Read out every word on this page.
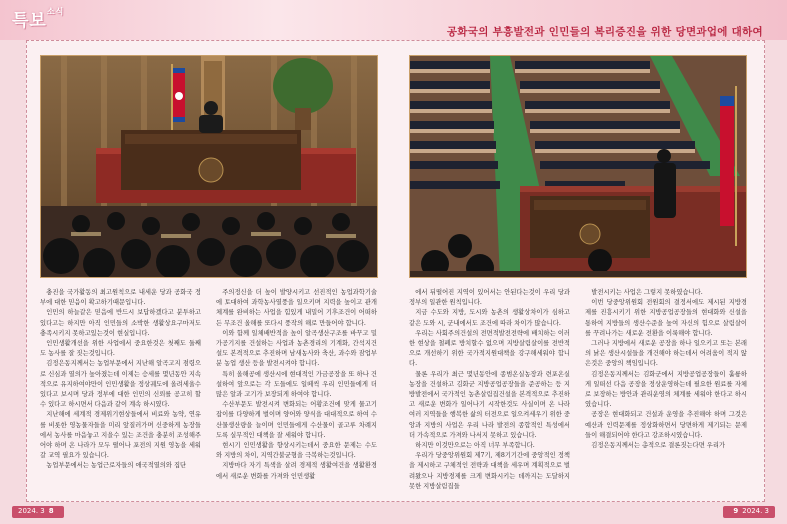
특보$^{소식}$
공화국의 부흥발전과 인민들의 복리증진을 위한 당면과업에 대하여

충진을 국가활동의 최고원칙으로 내세운 당과 공화국 정부에 대한 믿음이 확고하기때문입니다.

인민의 하늘같은 믿음에 반드시 보답하겠다고 분투하고있다고는 하지만 아직 인민들의 소박한 생활상요구마저도 충족시키지 못하고있는것이 현실입니다.

인민생활개선을 위한 사업에서 중요한것은 첫째도 둘째도 농사를 잘 짓는것입니다.

김정은동지께서는 농업부문에서 지난해 알곡고지 점령으로 신심과 열의가 높아졌는데 이제는 승세를 몇년동안 지속적으로 유지하여야만이 인민생활을 정상궤도에 올려세울수 있다고 보시며 당과 정부에 대한 인민의 신뢰를 공고히 할수 있다고 하시면서 다음과 같이 계속 하시였다.

지난해에 세계적 경제위기현상들에서 비료와 농약, 연유를 비롯한 영농물자들을 미리 앞질러가며 신중하게 농장들에서 농사를 마음놓고 지을수 있는 조건을 충분히 조성해주어야 하며 온 나라가 모두 떨어나 포전의 지원 영농을 세워 갈 교역 필요가 있습니다.

농업부문에서는 농업근로자들의 애국적열의와 집단

주의정신을 더 높이 발양시키고 선진적인 농업과학기술에 토대하여 과학농사열풍을 일으키며 지력을 높이고 관개체계를 완비하는 사업을 힘있게 내밀어 기후조건이 어떠하든 무조건 올해를 또다시 풍작의 해로 만들어야 합니다.

이와 함께 일체배반적을 높이 알곡생산구조를 바꾸고 밀가공기지를 건설하는 사업과 농촌경리의 기계화, 간석지건설도 본격적으로 추진하며 남새농사와 축산, 과수와 잠업부분 농업 생산 등을 발전시켜야 합니다.

특히 올해공에 생산시에 현대적인 가금공장을 또 하나 건설하여 앞으로는 각 도들에도 일떼씩 우리 인민들에게 더 많은 알과 고기가 보장되게 하여야 합니다.

수산부문도 발전시켜 변화되는 어황조건에 맞게 물고기잡이를 다양하게 벌이며 양어와 양식을 대대적으로 하여 수산물생산량을 늘이며 인민들에게 수산물이 골고루 차례지도록 실무적인 대책을 잘 세워야 합니다.

현시기 인민생활을 향상시키는데서 중요한 문제는 수도와 지방의 차이, 지역간불균형을 극복하는것입니다.

지방마다 자기 특색을 살려 경제적 생활여건을 생활환경에서 새로운 변화를 가져와 인민생활

에서 뒤떨어진 지역이 있어서는 안된다는것이 우리 당과 정부의 일관한 원칙입니다.

지금 수도와 지방, 도시와 농촌의 생활상차이가 심하고 같은 도와 시, 군내에서도 조건에 따라 차이가 많습니다.

우리는 사회주의건설의 전면적발전전략에 배치하는 이러한 현상을 철폐로 방치할수 없으며 지방살림살이를 전반적으로 개선하기 위한 국가적지원대책을 강구해세워야 합니다.

물론 우리가 최근 몇년동안에 종범온실농장과 련포온실농장을 건설하고 김화군 지방공업공장들을 준공하는 등 지방발전에서 국가적인 농촌살림집건설을 본격적으로 추진하고 새로운 변화가 일어나기 시작한것도 사실이며 온 나라 여러 지역들을 행복한 삶의 터전으로 일으켜세우기 위한 중앙과 지방의 사업은 우리 나라 발전의 종합적인 특성에서 더 가속적으로 가져와 나서지 못하고 있습니다.

하지만 이것만으로는 아직 너무 부족합니다.

우리가 당중앙위원회 제7기, 제8기기간에 중앙적인 정책을 제시하고 구체적인 전략과 대책을 세우며 계획적으로 벌려왔으나 지방경제를 크게 변화시키는 데까지는 도달하지 못한 지방살림집들

발전시키는 사업은 그렇지 못하였습니다.

이번 당중앙위원회 전원회의 결정서에도 제시된 지방경제를 진흥시키기 위한 지방공업공장들의 현대화와 신설을 통하여 지방들의 생산수준을 높여 자신의 힘으로 살림살이를 꾸려나가는 새로운 전환을 이룩해야 합니다.

그러나 지방에서 새로운 공장을 하나 일으키고 또는 본래의 낡은 생산시설들을 개건해야 하는데서 어려움이 적지 않은것은 중앙의 책임입니다.

김정은동지께서는 김화군에서 지방공업공장들이 훌륭하게 일떠선 다음 공장을 정상운영하는데 필요한 원료를 자체로 보장하는 방안과 관리운영의 체계를 세워야 한다고 하시였습니다.

공장은 현대화되고 건설과 운영을 추진해야 하며 그것은 예산과 인력문제를 정상화하면서 당면하게 제기되는 문제들이 해결되어야 한다고 강조하시였습니다.

김정은동지께서는 총적으로 결론짓는다면 우리가

2024. 3 8	9 2024. 3
